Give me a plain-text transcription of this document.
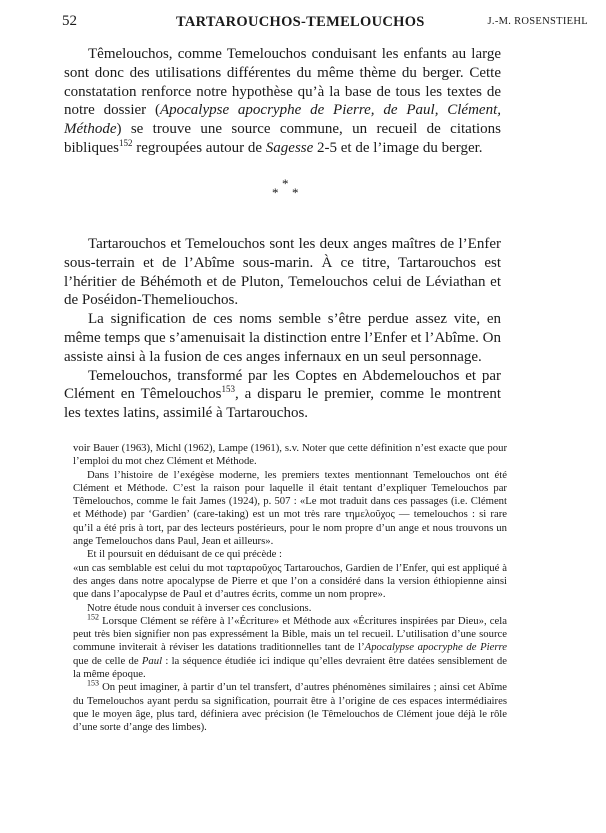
52	TARTAROUCHOS-TEMELOUCHOS	J.-M. ROSENSTIEHL

Têmelouchos, comme Temelouchos conduisant les enfants au large sont donc des utilisations différentes du même thème du berger. Cette constatation renforce notre hypothèse qu’à la base de tous les textes de notre dossier (Apocalypse apocryphe de Pierre, de Paul, Clément, Méthode) se trouve une source commune, un recueil de citations bibliques$^{152}$ regroupées autour de Sagesse 2-5 et de l’image du berger.

*
* *

Tartarouchos et Temelouchos sont les deux anges maîtres de l’Enfer sous-terrain et de l’Abîme sous-marin. À ce titre, Tartarouchos est l’héritier de Béhémoth et de Pluton, Temelouchos celui de Léviathan et de Poséidon-Themeliouchos.

La signification de ces noms semble s’être perdue assez vite, en même temps que s’amenuisait la distinction entre l’Enfer et l’Abîme. On assiste ainsi à la fusion de ces anges infernaux en un seul personnage.

Temelouchos, transformé par les Coptes en Abdemelouchos et par Clément en Têmelouchos$^{153}$, a disparu le premier, comme le montrent les textes latins, assimilé à Tartarouchos.

voir Bauer (1963), Michl (1962), Lampe (1961), s.v. Noter que cette définition n’est exacte que pour l’emploi du mot chez Clément et Méthode.

Dans l’histoire de l’exégèse moderne, les premiers textes mentionnant Temelouchos ont été Clément et Méthode. C’est la raison pour laquelle il était tentant d’expliquer Temelouchos par Têmelouchos, comme le fait James (1924), p. 507 : «Le mot traduit dans ces passages (i.e. Clément et Méthode) par ‘Gardien’ (care-taking) est un mot très rare τημελοῦχος — temelouchos : si rare qu’il a été pris à tort, par des lecteurs postérieurs, pour le nom propre d’un ange et nous trouvons un ange Temelouchos dans Paul, Jean et ailleurs».

Et il poursuit en déduisant de ce qui précède :

«un cas semblable est celui du mot ταρταροῦχος Tartarouchos, Gardien de l’Enfer, qui est appliqué à des anges dans notre apocalypse de Pierre et que l’on a considéré dans la version éthiopienne ainsi que dans l’apocalypse de Paul et d’autres écrits, comme un nom propre».

Notre étude nous conduit à inverser ces conclusions.

$^{152}$ Lorsque Clément se réfère à l’«Écriture» et Méthode aux «Écritures inspirées par Dieu», cela peut très bien signifier non pas expressément la Bible, mais un tel recueil. L’utilisation d’une source commune inviterait à réviser les datations traditionnelles tant de l’Apocalypse apocryphe de Pierre que de celle de Paul : la séquence étudiée ici indique qu’elles devraient être datées sensiblement de la même époque.

$^{153}$ On peut imaginer, à partir d’un tel transfert, d’autres phénomènes similaires ; ainsi cet Abîme du Temelouchos ayant perdu sa signification, pourrait être à l’origine de ces espaces intermédiaires que le moyen âge, plus tard, définiera avec précision (le Têmelouchos de Clément joue déjà le rôle d’une sorte d’ange des limbes).
